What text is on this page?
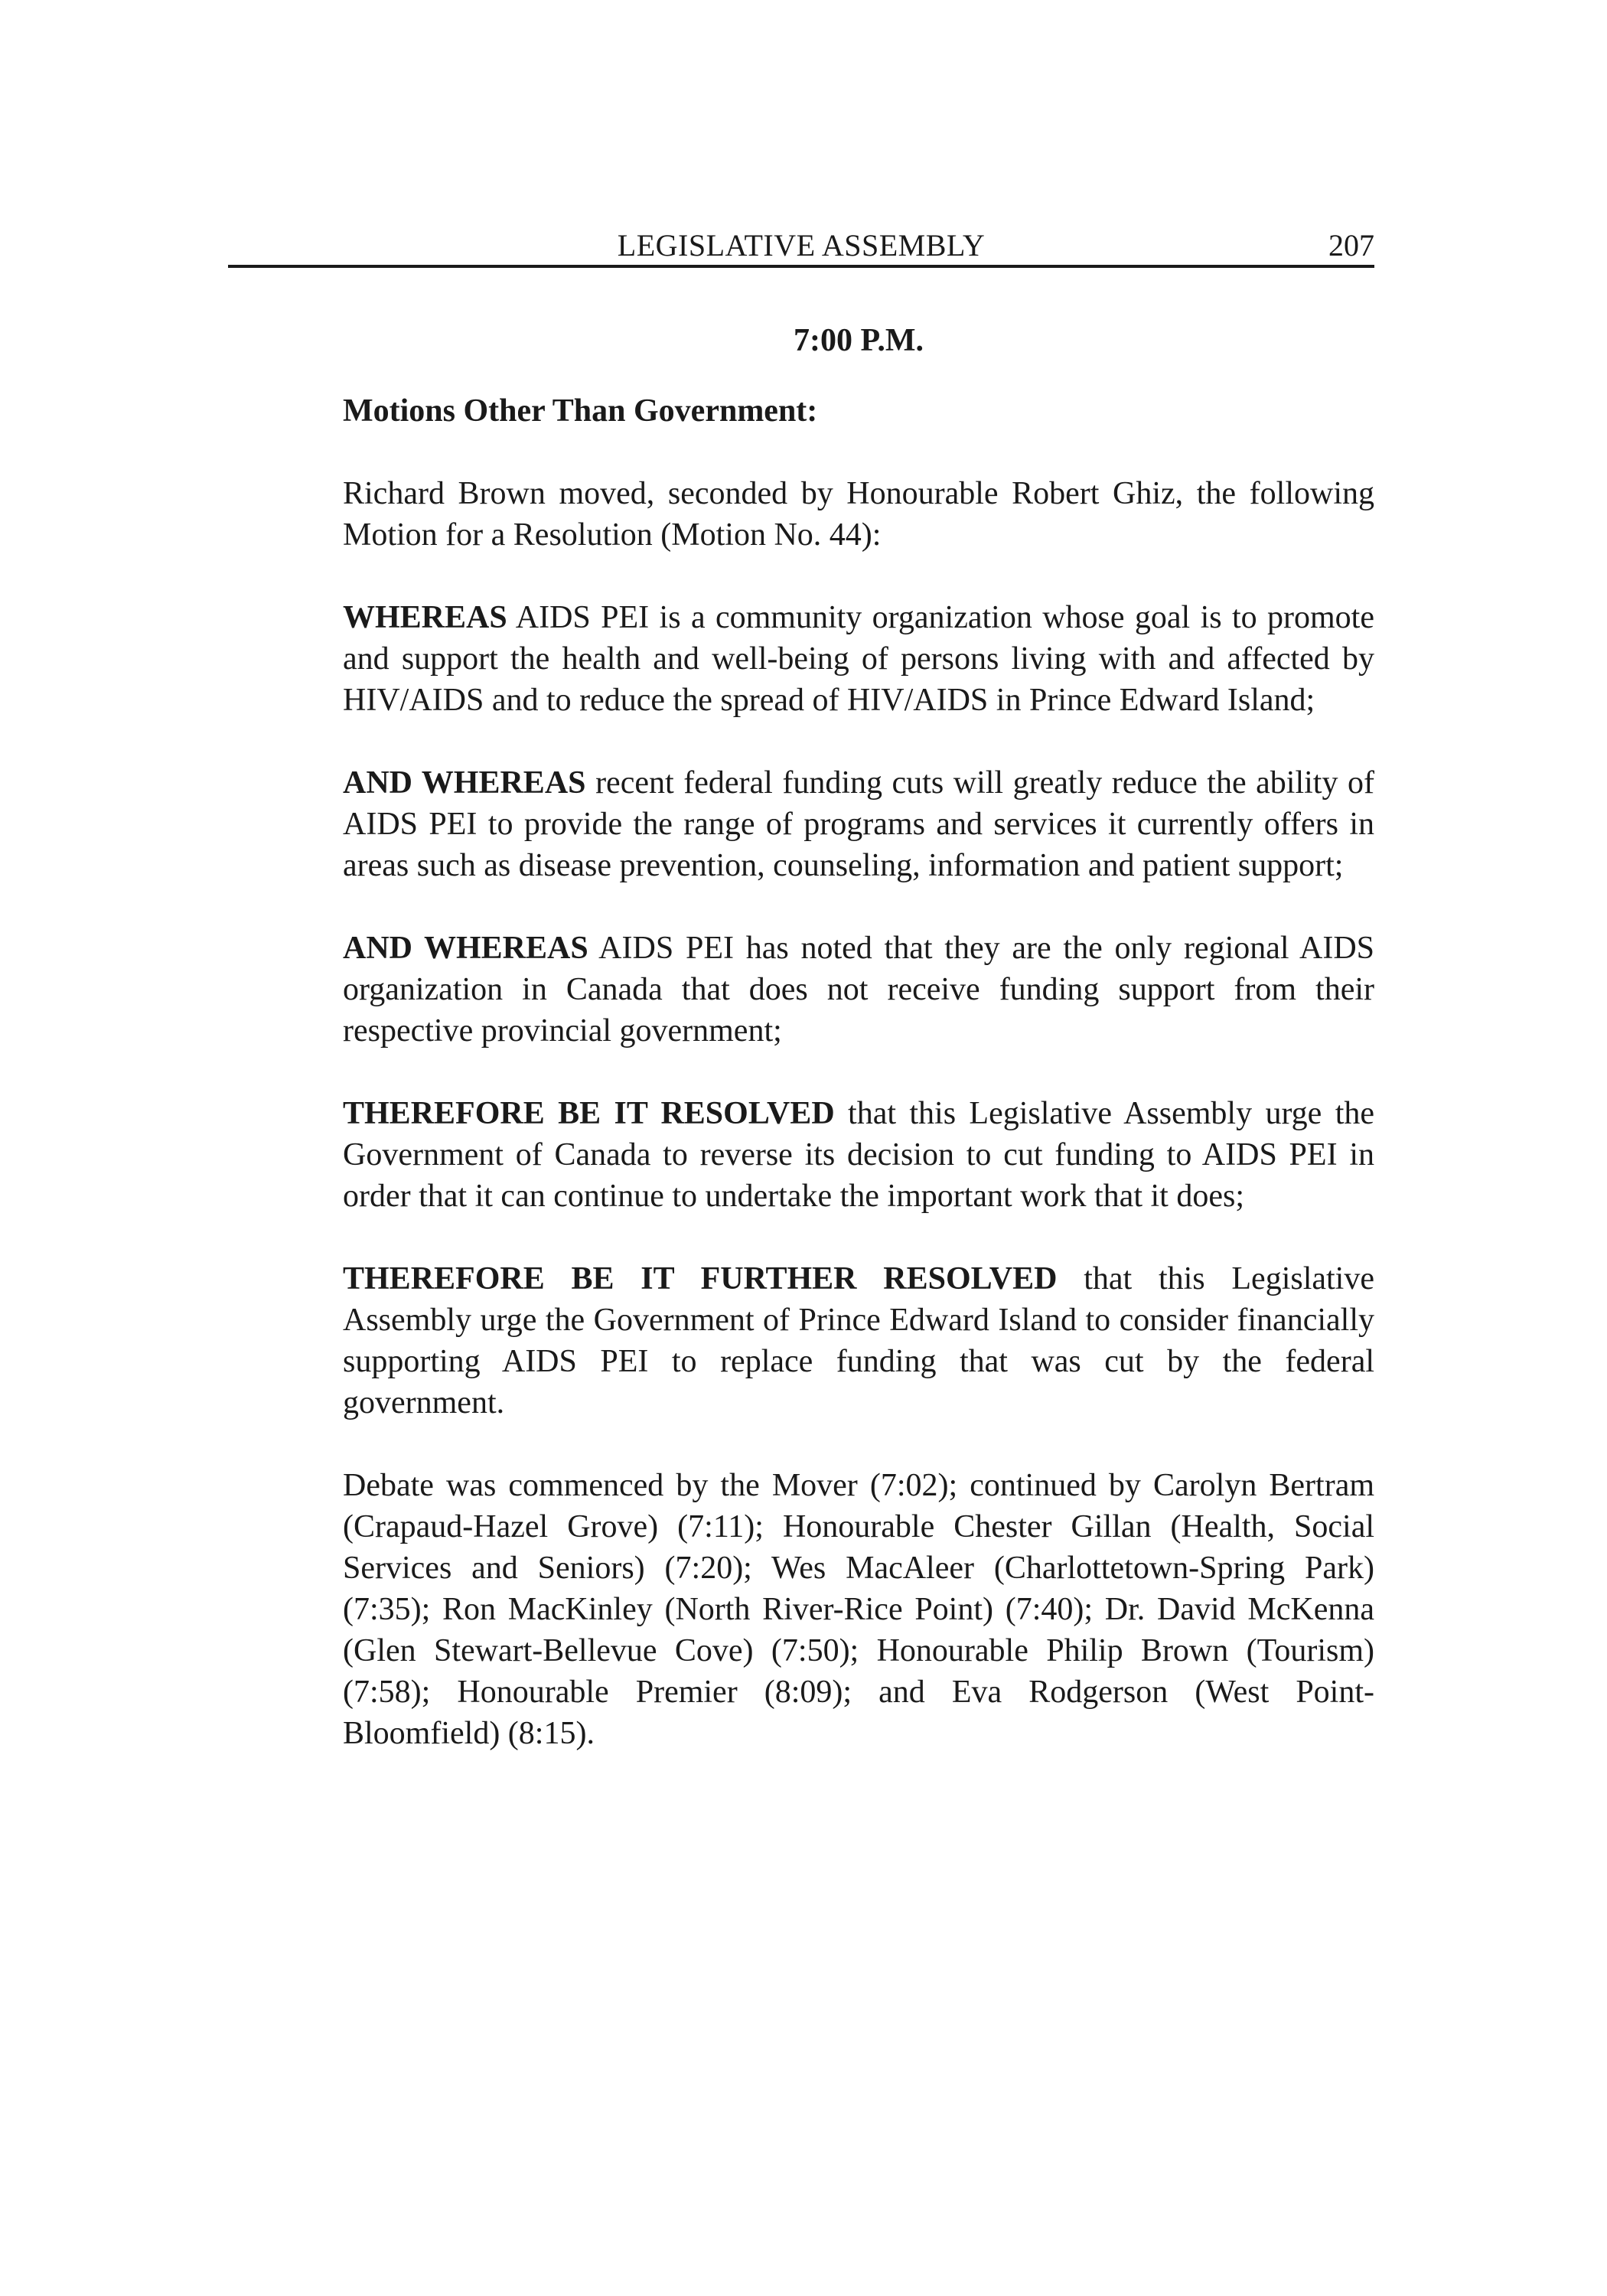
LEGISLATIVE ASSEMBLY	207

7:00 P.M.

Motions Other Than Government:

Richard Brown moved, seconded by Honourable Robert Ghiz, the following Motion for a Resolution (Motion No. 44):

WHEREAS AIDS PEI is a community organization whose goal is to promote and support the health and well-being of persons living with and affected by HIV/AIDS and to reduce the spread of HIV/AIDS in Prince Edward Island;

AND WHEREAS recent federal funding cuts will greatly reduce the ability of AIDS PEI to provide the range of programs and services it currently offers in areas such as disease prevention, counseling, information and patient support;

AND WHEREAS AIDS PEI has noted that they are the only regional AIDS organization in Canada that does not receive funding support from their respective provincial government;

THEREFORE BE IT RESOLVED that this Legislative Assembly urge the Government of Canada to reverse its decision to cut funding to AIDS PEI in order that it can continue to undertake the important work that it does;

THEREFORE BE IT FURTHER RESOLVED that this Legislative Assembly urge the Government of Prince Edward Island to consider financially supporting AIDS PEI to replace funding that was cut by the federal government.

Debate was commenced by the Mover (7:02); continued by Carolyn Bertram (Crapaud-Hazel Grove) (7:11); Honourable Chester Gillan (Health, Social Services and Seniors) (7:20); Wes MacAleer (Charlottetown-Spring Park) (7:35); Ron MacKinley (North River-Rice Point) (7:40); Dr. David McKenna (Glen Stewart-Bellevue Cove) (7:50); Honourable Philip Brown (Tourism) (7:58); Honourable Premier (8:09); and Eva Rodgerson (West Point-Bloomfield) (8:15).
